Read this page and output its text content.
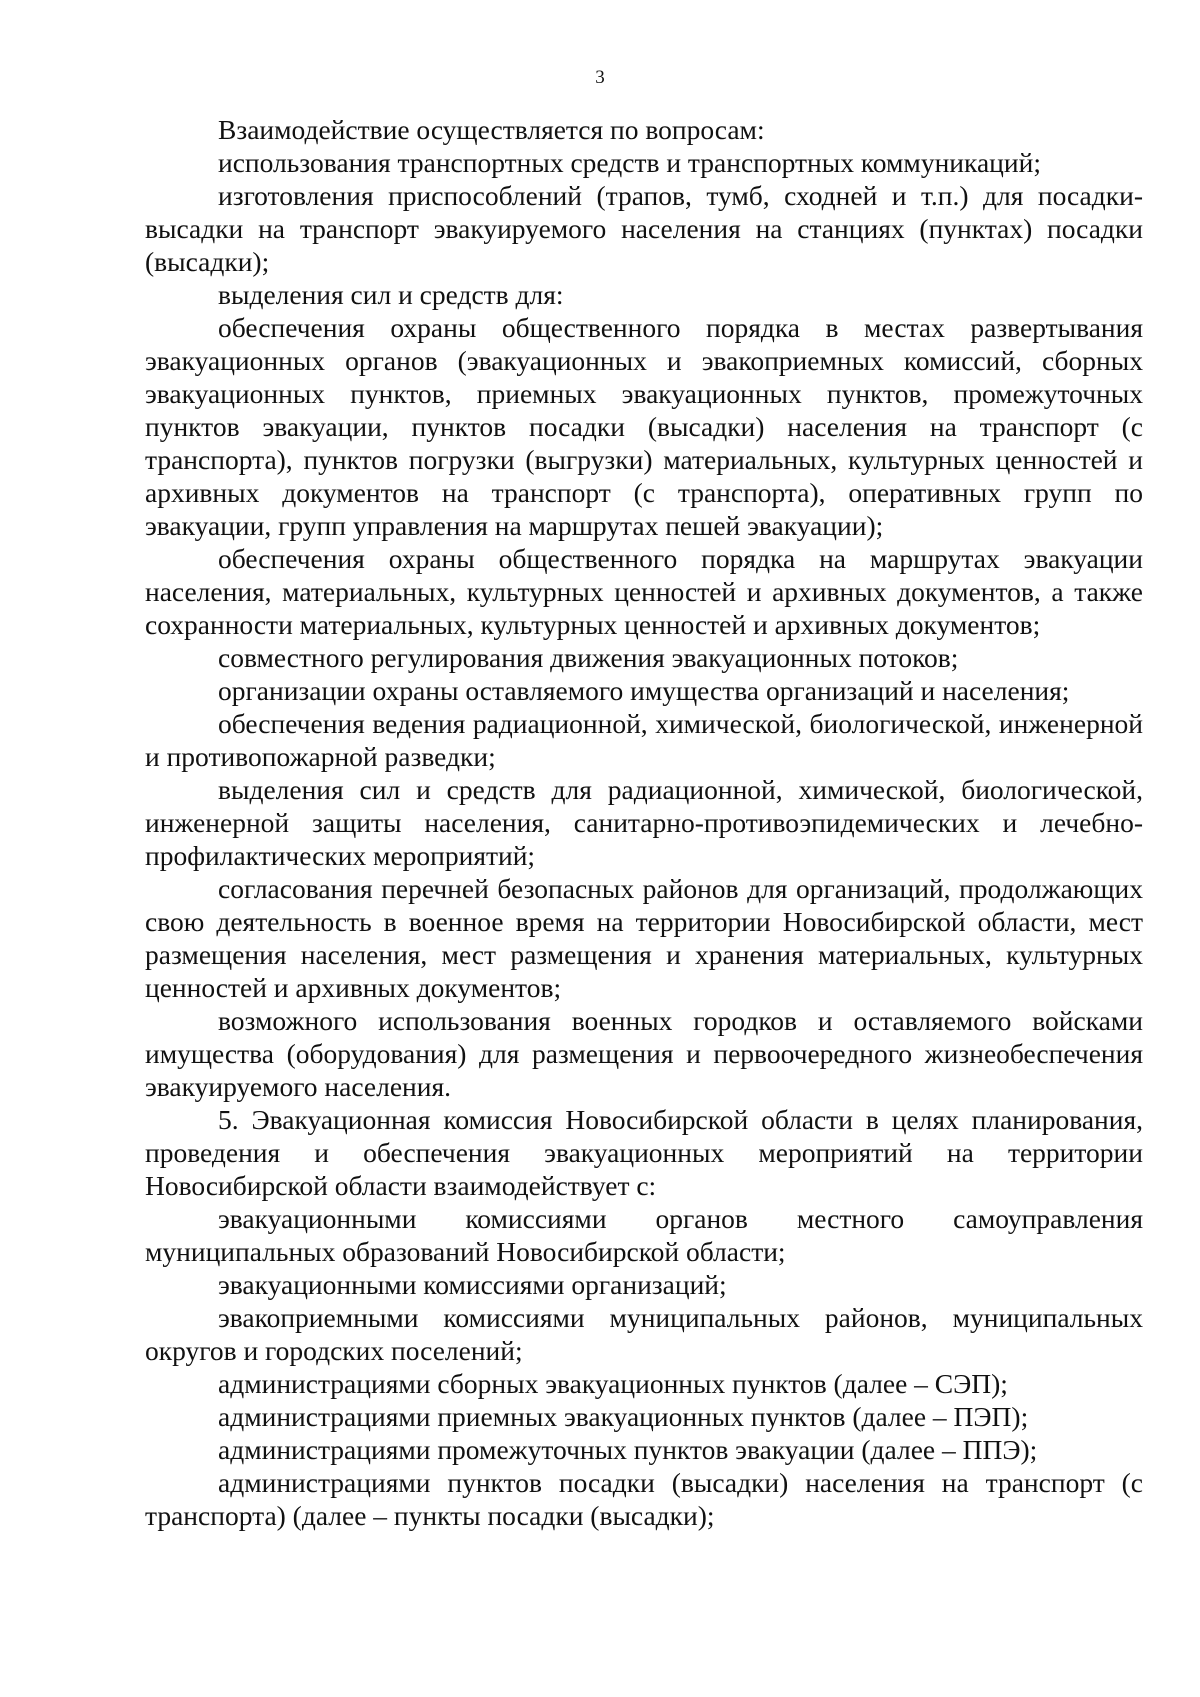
3

Взаимодействие осуществляется по вопросам:

использования транспортных средств и транспортных коммуникаций;

изготовления приспособлений (трапов, тумб, сходней и т.п.) для посадки-высадки на транспорт эвакуируемого населения на станциях (пунктах) посадки (высадки);

выделения сил и средств для:

обеспечения охраны общественного порядка в местах развертывания эвакуационных органов (эвакуационных и эвакоприемных комиссий, сборных эвакуационных пунктов, приемных эвакуационных пунктов, промежуточных пунктов эвакуации, пунктов посадки (высадки) населения на транспорт (с транспорта), пунктов погрузки (выгрузки) материальных, культурных ценностей и архивных документов на транспорт (с транспорта), оперативных групп по эвакуации, групп управления на маршрутах пешей эвакуации);

обеспечения охраны общественного порядка на маршрутах эвакуации населения, материальных, культурных ценностей и архивных документов, а также сохранности материальных, культурных ценностей и архивных документов;

совместного регулирования движения эвакуационных потоков;

организации охраны оставляемого имущества организаций и населения;

обеспечения ведения радиационной, химической, биологической, инженерной и противопожарной разведки;

выделения сил и средств для радиационной, химической, биологической, инженерной защиты населения, санитарно-противоэпидемических и лечебно-профилактических мероприятий;

согласования перечней безопасных районов для организаций, продолжающих свою деятельность в военное время на территории Новосибирской области, мест размещения населения, мест размещения и хранения материальных, культурных ценностей и архивных документов;

возможного использования военных городков и оставляемого войсками имущества (оборудования) для размещения и первоочередного жизнеобеспечения эвакуируемого населения.

5. Эвакуационная комиссия Новосибирской области в целях планирования, проведения и обеспечения эвакуационных мероприятий на территории Новосибирской области взаимодействует с:

эвакуационными комиссиями органов местного самоуправления муниципальных образований Новосибирской области;

эвакуационными комиссиями организаций;

эвакоприемными комиссиями муниципальных районов, муниципальных округов и городских поселений;

администрациями сборных эвакуационных пунктов (далее – СЭП);

администрациями приемных эвакуационных пунктов (далее – ПЭП);

администрациями промежуточных пунктов эвакуации (далее – ППЭ);

администрациями пунктов посадки (высадки) населения на транспорт (с транспорта) (далее – пункты посадки (высадки);
